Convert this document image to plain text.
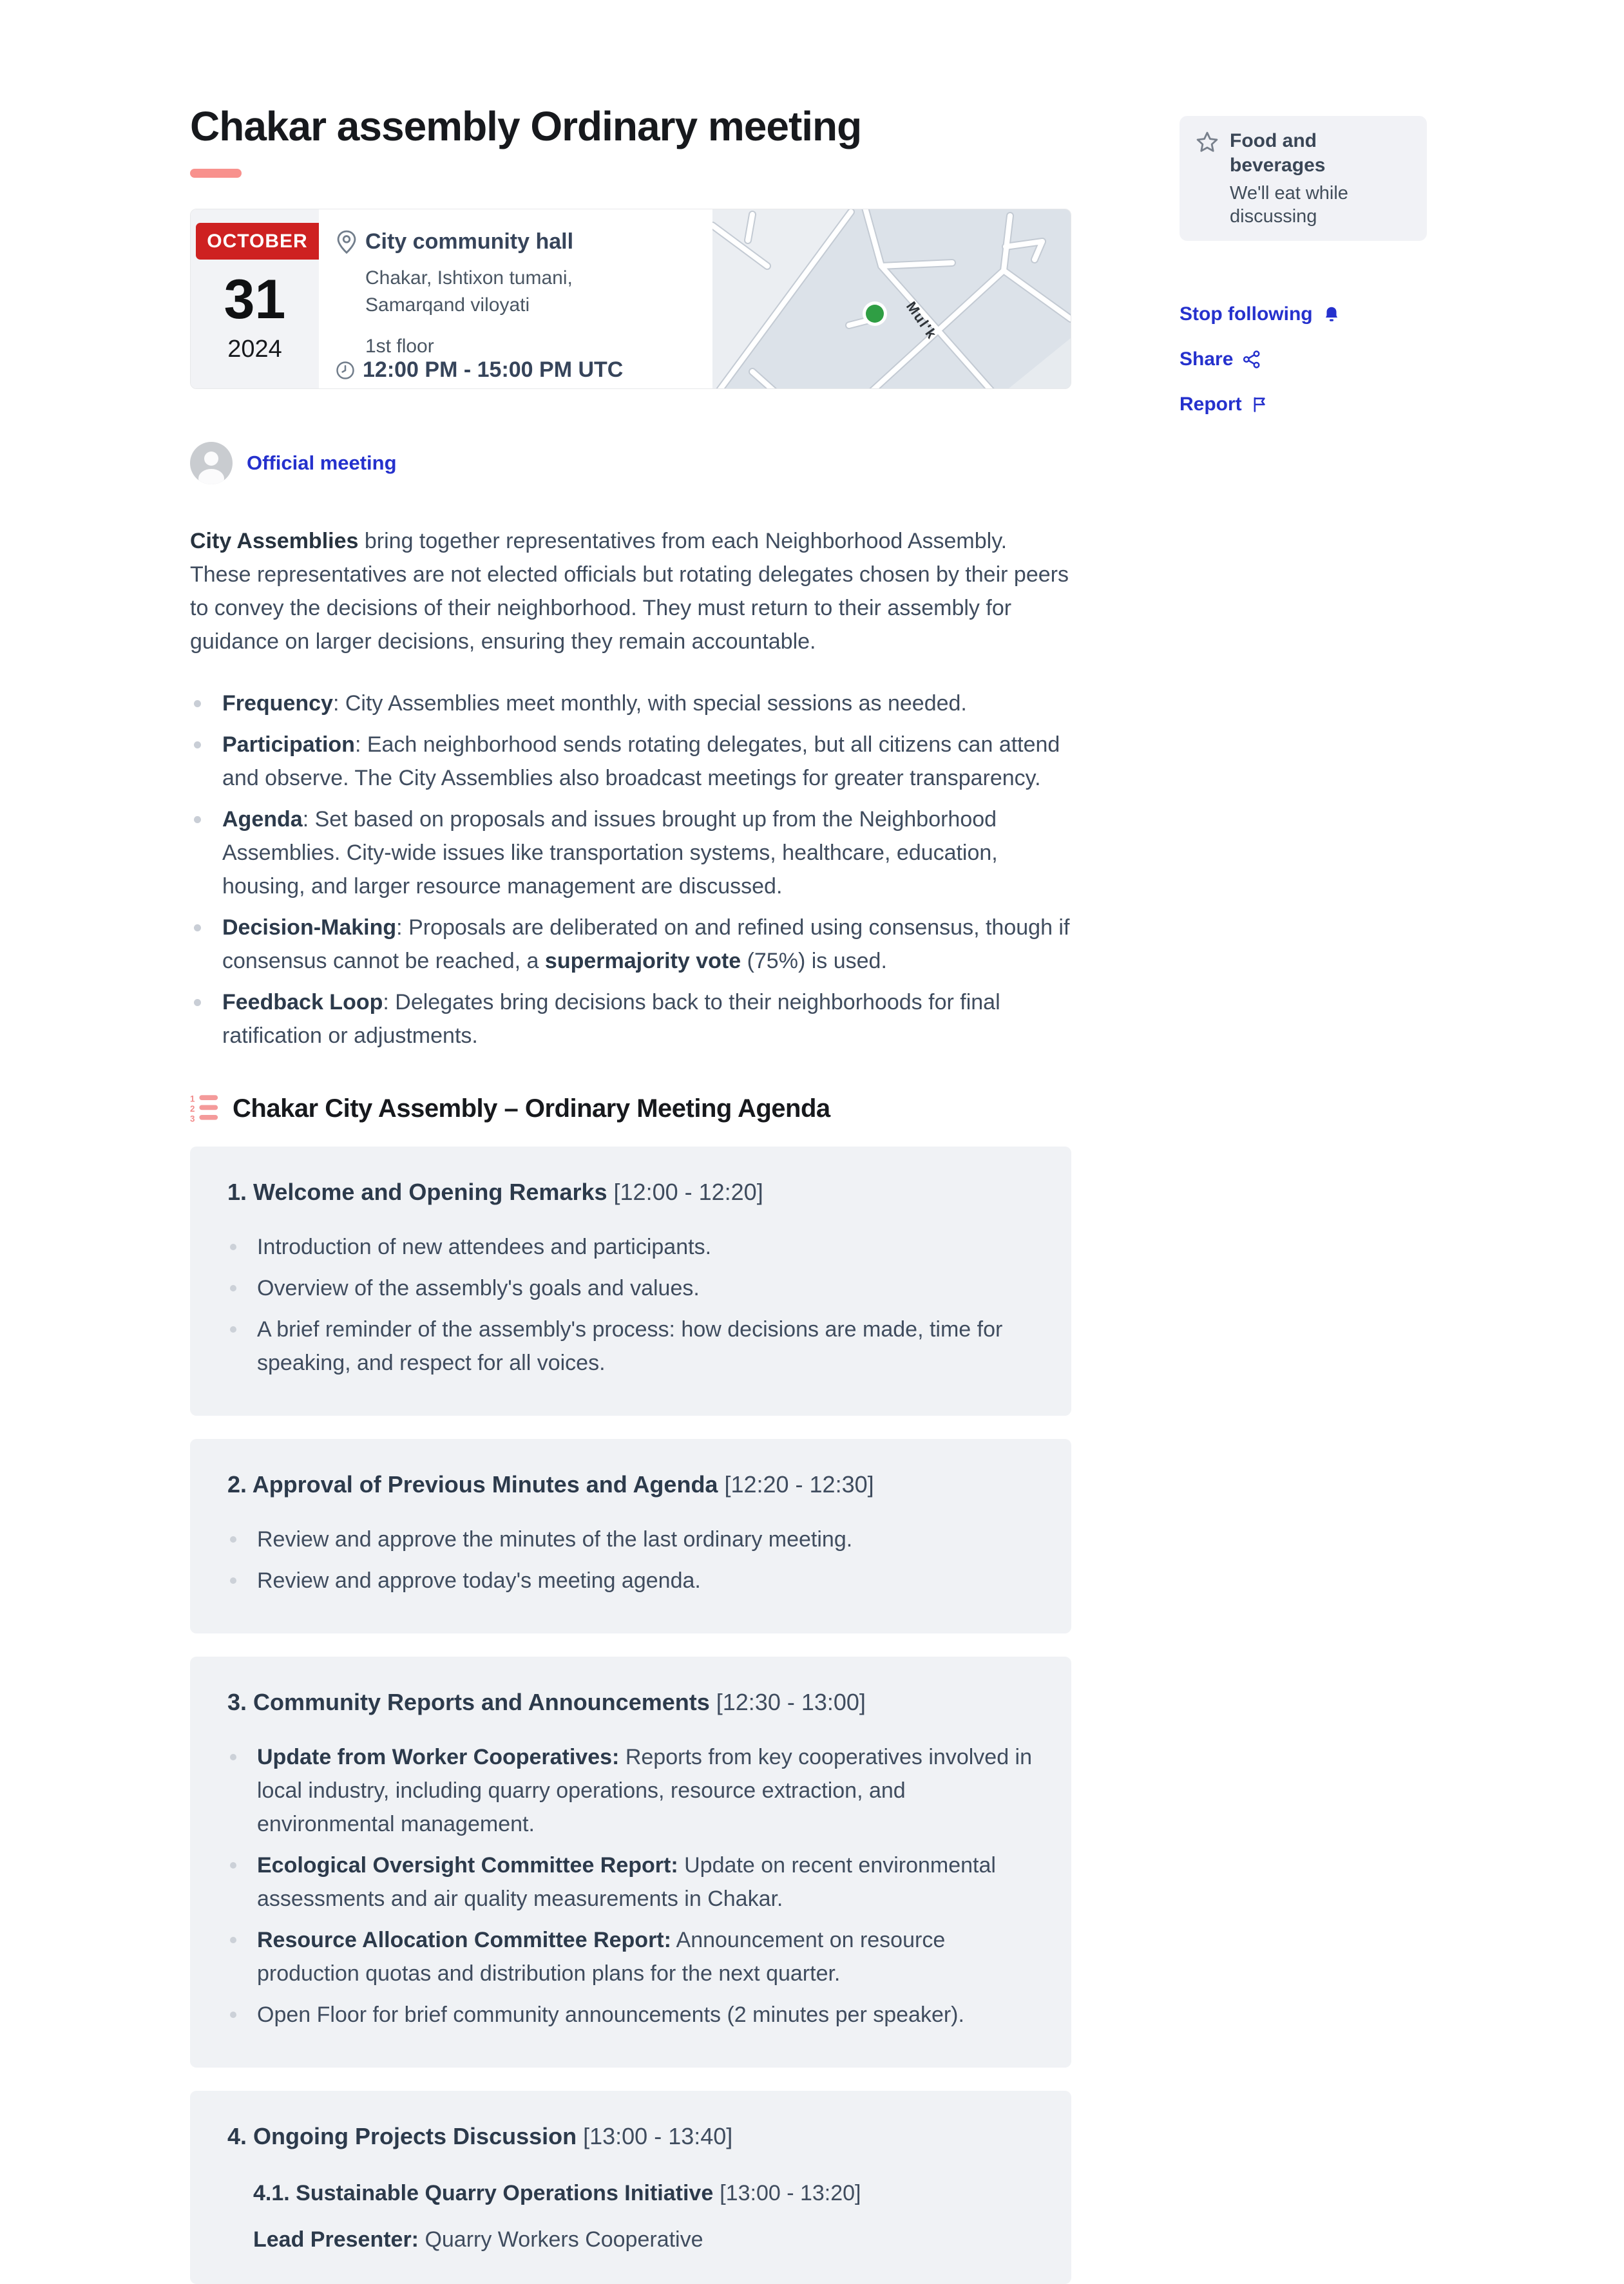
Chakar assembly Ordinary meeting
OCTOBER
31
2024
City community hall
Chakar, Ishtixon tumani, Samarqand viloyati
1st floor
12:00 PM - 15:00 PM UTC
Mul'k
Official meeting

City Assemblies bring together representatives from each Neighborhood Assembly. These representatives are not elected officials but rotating delegates chosen by their peers to convey the decisions of their neighborhood. They must return to their assembly for guidance on larger decisions, ensuring they remain accountable.

Frequency: City Assemblies meet monthly, with special sessions as needed.
Participation: Each neighborhood sends rotating delegates, but all citizens can attend and observe. The City Assemblies also broadcast meetings for greater transparency.
Agenda: Set based on proposals and issues brought up from the Neighborhood Assemblies. City-wide issues like transportation systems, healthcare, education, housing, and larger resource management are discussed.
Decision-Making: Proposals are deliberated on and refined using consensus, though if consensus cannot be reached, a supermajority vote (75%) is used.
Feedback Loop: Delegates bring decisions back to their neighborhoods for final ratification or adjustments.
1
2
3 Chakar City Assembly – Ordinary Meeting Agenda
1. Welcome and Opening Remarks [12:00 - 12:20]
Introduction of new attendees and participants.
Overview of the assembly's goals and values.
A brief reminder of the assembly's process: how decisions are made, time for speaking, and respect for all voices.
2. Approval of Previous Minutes and Agenda [12:20 - 12:30]
Review and approve the minutes of the last ordinary meeting.
Review and approve today's meeting agenda.
3. Community Reports and Announcements [12:30 - 13:00]
Update from Worker Cooperatives: Reports from key cooperatives involved in local industry, including quarry operations, resource extraction, and environmental management.
Ecological Oversight Committee Report: Update on recent environmental assessments and air quality measurements in Chakar.
Resource Allocation Committee Report: Announcement on resource production quotas and distribution plans for the next quarter.
Open Floor for brief community announcements (2 minutes per speaker).
4. Ongoing Projects Discussion [13:00 - 13:40]
4.1. Sustainable Quarry Operations Initiative [13:00 - 13:20]
Lead Presenter: Quarry Workers Cooperative
Food and beverages
We'll eat while discussing
Stop following
Share
Report
